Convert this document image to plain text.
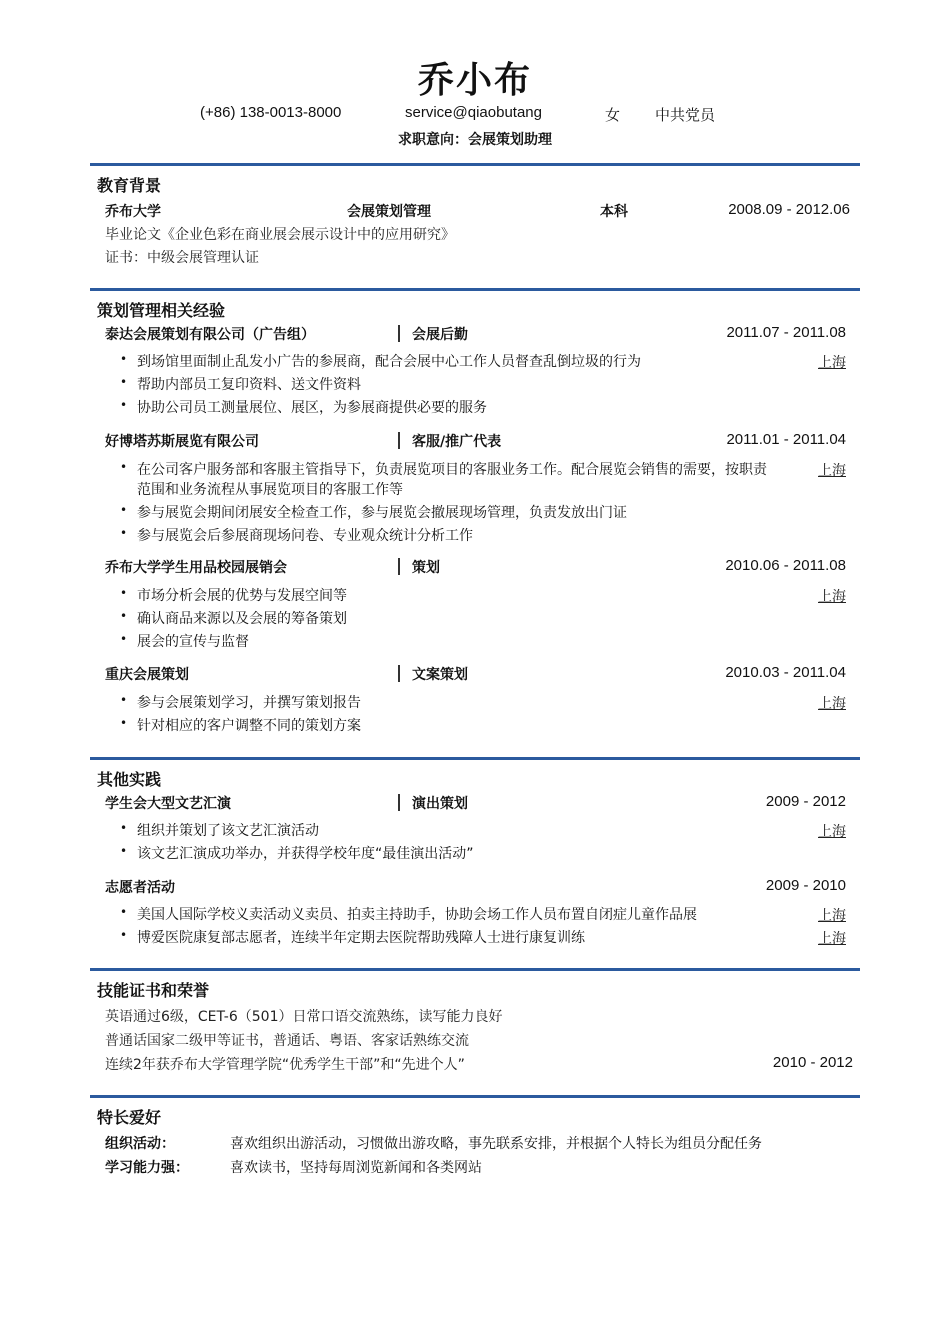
乔小布
(+86) 138-0013-8000	service@qiaobutang	女 中共党员
求职意向：会展策划助理
教育背景
乔布大学	会展策划管理	本科	2008.09 - 2012.06
毕业论文《企业色彩在商业展会展示设计中的应用研究》
证书：中级会展管理认证
策划管理相关经验
泰达会展策划有限公司（广告组）	会展后勤	2011.07 - 2011.08
• 到场馆里面制止乱发小广告的参展商，配合会展中心工作人员督查乱倒垃圾的行为	上海
• 帮助内部员工复印资料、送文件资料
• 协助公司员工测量展位、展区，为参展商提供必要的服务
好博塔苏斯展览有限公司	客服/推广代表	2011.01 - 2011.04
• 在公司客户服务部和客服主管指导下，负责展览项目的客服业务工作。配合展览会销售的需要，按职责范围和业务流程从事展览项目的客服工作等
上海
• 参与展览会期间闭展安全检查工作，参与展览会撤展现场管理，负责发放出门证
• 参与展览会后参展商现场问卷、专业观众统计分析工作
乔布大学学生用品校园展销会	策划	2010.06 - 2011.08
• 市场分析会展的优势与发展空间等	上海
• 确认商品来源以及会展的筹备策划
• 展会的宣传与监督
重庆会展策划	文案策划	2010.03 - 2011.04
• 参与会展策划学习，并撰写策划报告	上海
• 针对相应的客户调整不同的策划方案
其他实践
学生会大型文艺汇演	演出策划	2009 - 2012
• 组织并策划了该文艺汇演活动	上海
• 该文艺汇演成功举办，并获得学校年度“最佳演出活动”
志愿者活动	2009 - 2010
• 美国人国际学校义卖活动义卖员、拍卖主持助手，协助会场工作人员布置自闭症儿童作品展	上海
• 博爱医院康复部志愿者，连续半年定期去医院帮助残障人士进行康复训练	上海
技能证书和荣誉
英语通过6级，CET-6（501）日常口语交流熟练，读写能力良好
普通话国家二级甲等证书，普通话、粤语、客家话熟练交流
连续2年获乔布大学管理学院“优秀学生干部”和“先进个人”	2010 - 2012
特长爱好
组织活动：	喜欢组织出游活动，习惯做出游攻略，事先联系安排，并根据个人特长为组员分配任务
学习能力强：	喜欢读书，坚持每周浏览新闻和各类网站
